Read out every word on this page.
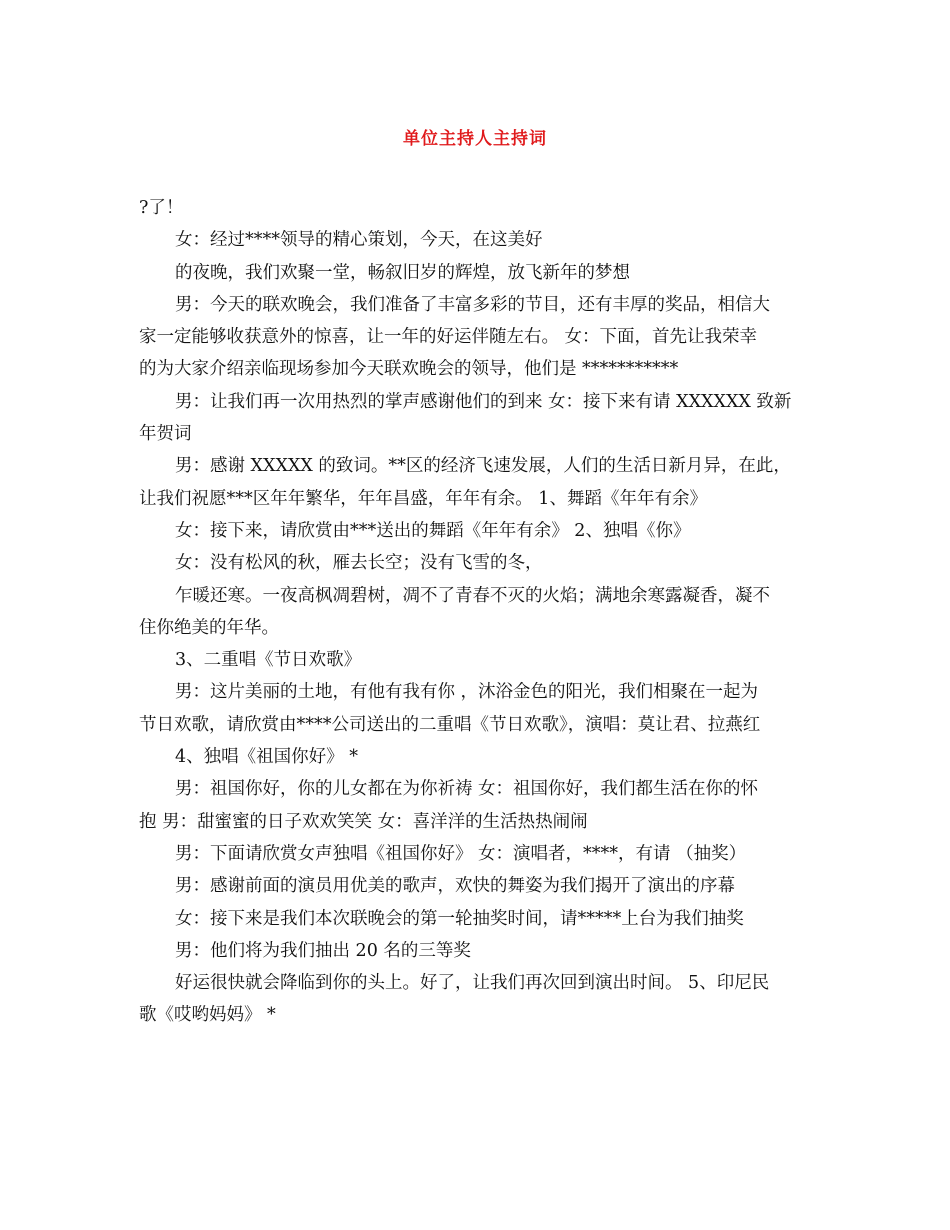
单位主持人主持词

?了！

女：经过****领导的精心策划，今天，在这美好

的夜晚，我们欢聚一堂，畅叙旧岁的辉煌，放飞新年的梦想

男：今天的联欢晚会，我们准备了丰富多彩的节目，还有丰厚的奖品，相信大

家一定能够收获意外的惊喜，让一年的好运伴随左右。 女：下面，首先让我荣幸

的为大家介绍亲临现场参加今天联欢晚会的领导，他们是 ***********

男：让我们再一次用热烈的掌声感谢他们的到来 女：接下来有请 XXXXXX 致新

年贺词

男：感谢 XXXXX 的致词。**区的经济飞速发展，人们的生活日新月异，在此，

让我们祝愿***区年年繁华，年年昌盛，年年有余。 1、舞蹈《年年有余》

女：接下来，请欣赏由***送出的舞蹈《年年有余》 2、独唱《你》

女：没有松风的秋，雁去长空；没有飞雪的冬，

乍暖还寒。一夜高枫凋碧树，凋不了青春不灭的火焰；满地余寒露凝香，凝不

住你绝美的年华。

3、二重唱《节日欢歌》

男：这片美丽的土地，有他有我有你 ，沐浴金色的阳光，我们相聚在一起为

节日欢歌，请欣赏由****公司送出的二重唱《节日欢歌》，演唱：莫让君、拉燕红

4、独唱《祖国你好》 *

男：祖国你好，你的儿女都在为你祈祷 女：祖国你好，我们都生活在你的怀

抱 男：甜蜜蜜的日子欢欢笑笑 女：喜洋洋的生活热热闹闹

男：下面请欣赏女声独唱《祖国你好》 女：演唱者，****，有请 （抽奖）

男：感谢前面的演员用优美的歌声，欢快的舞姿为我们揭开了演出的序幕

女：接下来是我们本次联晚会的第一轮抽奖时间，请*****上台为我们抽奖

男：他们将为我们抽出 20 名的三等奖

好运很快就会降临到你的头上。好了，让我们再次回到演出时间。 5、印尼民

歌《哎哟妈妈》 *
